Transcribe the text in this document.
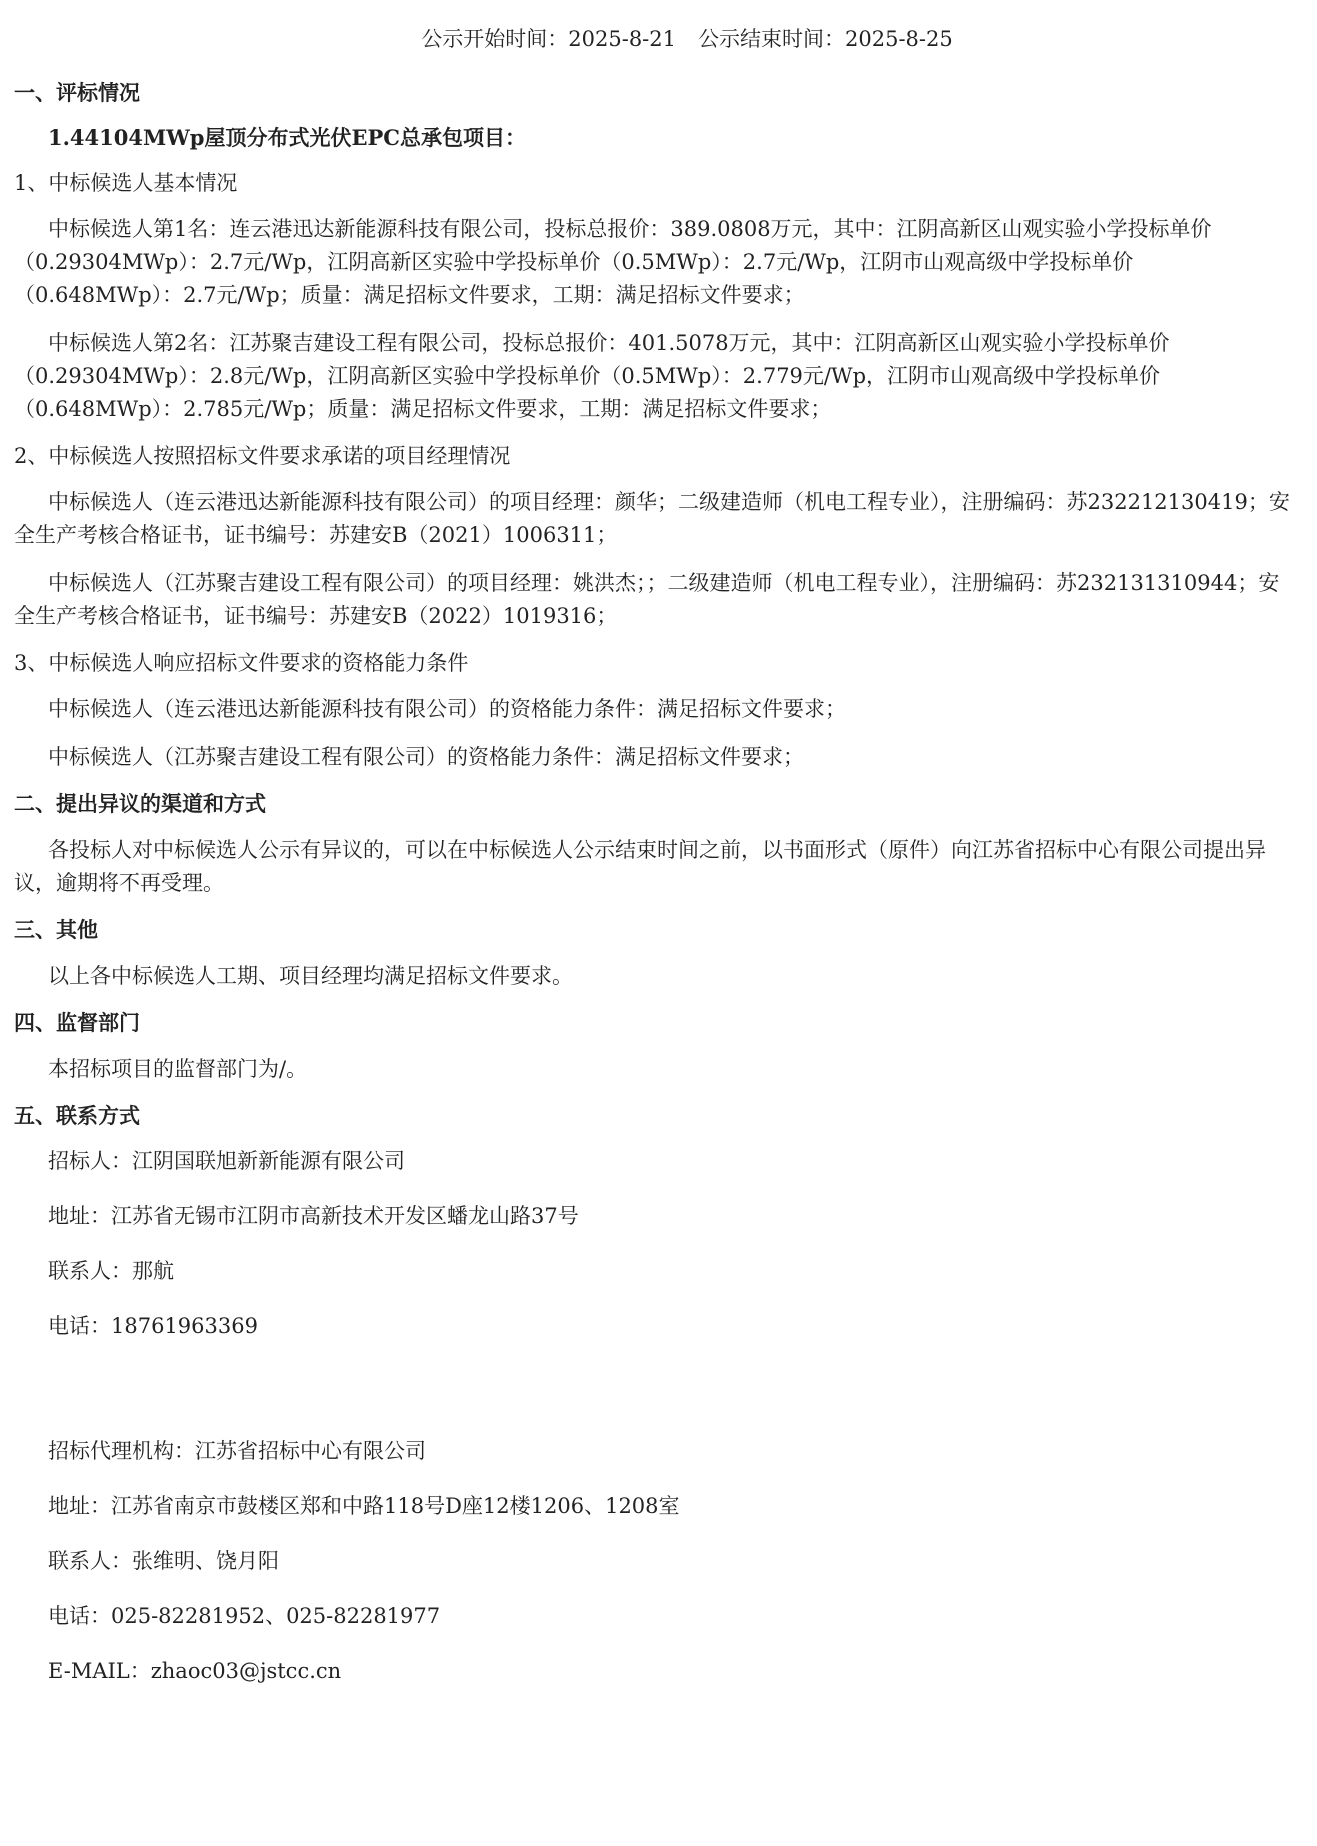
公示开始时间：2025-8-21 公示结束时间：2025-8-25
一、评标情况
1.44104MWp屋顶分布式光伏EPC总承包项目：
1、中标候选人基本情况
中标候选人第1名：连云港迅达新能源科技有限公司，投标总报价：389.0808万元，其中：江阴高新区山观实验小学投标单价（0.29304MWp）：2.7元/Wp，江阴高新区实验中学投标单价（0.5MWp）：2.7元/Wp，江阴市山观高级中学投标单价（0.648MWp）：2.7元/Wp；质量：满足招标文件要求，工期：满足招标文件要求；
中标候选人第2名：江苏聚吉建设工程有限公司，投标总报价：401.5078万元，其中：江阴高新区山观实验小学投标单价（0.29304MWp）：2.8元/Wp，江阴高新区实验中学投标单价（0.5MWp）：2.779元/Wp，江阴市山观高级中学投标单价（0.648MWp）：2.785元/Wp；质量：满足招标文件要求，工期：满足招标文件要求；
2、中标候选人按照招标文件要求承诺的项目经理情况
中标候选人（连云港迅达新能源科技有限公司）的项目经理：颜华；二级建造师（机电工程专业），注册编码：苏232212130419；安全生产考核合格证书，证书编号：苏建安B（2021）1006311；
中标候选人（江苏聚吉建设工程有限公司）的项目经理：姚洪杰；；二级建造师（机电工程专业），注册编码：苏232131310944；安全生产考核合格证书，证书编号：苏建安B（2022）1019316；
3、中标候选人响应招标文件要求的资格能力条件
中标候选人（连云港迅达新能源科技有限公司）的资格能力条件：满足招标文件要求；
中标候选人（江苏聚吉建设工程有限公司）的资格能力条件：满足招标文件要求；
二、提出异议的渠道和方式
各投标人对中标候选人公示有异议的，可以在中标候选人公示结束时间之前，以书面形式（原件）向江苏省招标中心有限公司提出异议，逾期将不再受理。
三、其他
以上各中标候选人工期、项目经理均满足招标文件要求。
四、监督部门
本招标项目的监督部门为/。
五、联系方式
招标人：江阴国联旭新新能源有限公司
地址：江苏省无锡市江阴市高新技术开发区蟠龙山路37号
联系人：那航
电话：18761963369
招标代理机构：江苏省招标中心有限公司
地址：江苏省南京市鼓楼区郑和中路118号D座12楼1206、1208室
联系人：张维明、饶月阳
电话：025-82281952、025-82281977
E-MAIL：zhaoc03@jstcc.cn
